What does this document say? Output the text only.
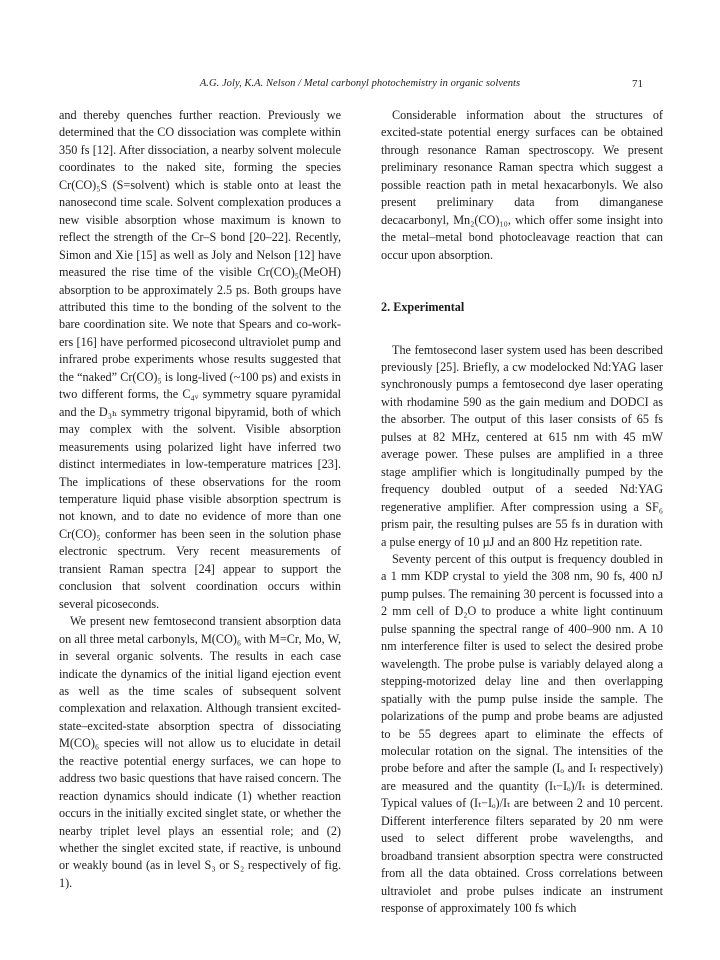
A.G. Joly, K.A. Nelson / Metal carbonyl photochemistry in organic solvents	71

and thereby quenches further reaction. Previously we determined that the CO dissociation was complete within 350 fs [12]. After dissociation, a nearby solvent molecule coordinates to the naked site, forming the species Cr(CO)₅S (S=solvent) which is stable onto at least the nanosecond time scale. Solvent complexation produces a new visible absorption whose maximum is known to reflect the strength of the Cr–S bond [20–22]. Recently, Simon and Xie [15] as well as Joly and Nelson [12] have measured the rise time of the visible Cr(CO)₅(MeOH) absorption to be approximately 2.5 ps. Both groups have attributed this time to the bonding of the solvent to the bare coordination site. We note that Spears and co-workers [16] have performed picosecond ultraviolet pump and infrared probe experiments whose results suggested that the “naked” Cr(CO)₅ is long-lived (~100 ps) and exists in two different forms, the C₄ᵥ symmetry square pyramidal and the D₃ₕ symmetry trigonal bipyramid, both of which may complex with the solvent. Visible absorption measurements using polarized light have inferred two distinct intermediates in low-temperature matrices [23]. The implications of these observations for the room temperature liquid phase visible absorption spectrum is not known, and to date no evidence of more than one Cr(CO)₅ conformer has been seen in the solution phase electronic spectrum. Very recent measurements of transient Raman spectra [24] appear to support the conclusion that solvent coordination occurs within several picoseconds.

We present new femtosecond transient absorption data on all three metal carbonyls, M(CO)₆ with M=Cr, Mo, W, in several organic solvents. The results in each case indicate the dynamics of the initial ligand ejection event as well as the time scales of subsequent solvent complexation and relaxation. Although transient excited-state–excited-state absorption spectra of dissociating M(CO)₆ species will not allow us to elucidate in detail the reactive potential energy surfaces, we can hope to address two basic questions that have raised concern. The reaction dynamics should indicate (1) whether reaction occurs in the initially excited singlet state, or whether the nearby triplet level plays an essential role; and (2) whether the singlet excited state, if reactive, is unbound or weakly bound (as in level S₃ or S₂ respectively of fig. 1).

Considerable information about the structures of excited-state potential energy surfaces can be obtained through resonance Raman spectroscopy. We present preliminary resonance Raman spectra which suggest a possible reaction path in metal hexacarbonyls. We also present preliminary data from dimanganese decacarbonyl, Mn₂(CO)₁₀, which offer some insight into the metal–metal bond photocleavage reaction that can occur upon absorption.

2. Experimental

The femtosecond laser system used has been described previously [25]. Briefly, a cw modelocked Nd:YAG laser synchronously pumps a femtosecond dye laser operating with rhodamine 590 as the gain medium and DODCI as the absorber. The output of this laser consists of 65 fs pulses at 82 MHz, centered at 615 nm with 45 mW average power. These pulses are amplified in a three stage amplifier which is longitudinally pumped by the frequency doubled output of a seeded Nd:YAG regenerative amplifier. After compression using a SF₆ prism pair, the resulting pulses are 55 fs in duration with a pulse energy of 10 µJ and an 800 Hz repetition rate.

Seventy percent of this output is frequency doubled in a 1 mm KDP crystal to yield the 308 nm, 90 fs, 400 nJ pump pulses. The remaining 30 percent is focussed into a 2 mm cell of D₂O to produce a white light continuum pulse spanning the spectral range of 400–900 nm. A 10 nm interference filter is used to select the desired probe wavelength. The probe pulse is variably delayed along a stepping-motorized delay line and then overlapping spatially with the pump pulse inside the sample. The polarizations of the pump and probe beams are adjusted to be 55 degrees apart to eliminate the effects of molecular rotation on the signal. The intensities of the probe before and after the sample (Iₒ and Iₜ respectively) are measured and the quantity (Iₜ−Iₒ)/Iₜ is determined. Typical values of (Iₜ−Iₒ)/Iₜ are between 2 and 10 percent. Different interference filters separated by 20 nm were used to select different probe wavelengths, and broadband transient absorption spectra were constructed from all the data obtained. Cross correlations between ultraviolet and probe pulses indicate an instrument response of approximately 100 fs which
